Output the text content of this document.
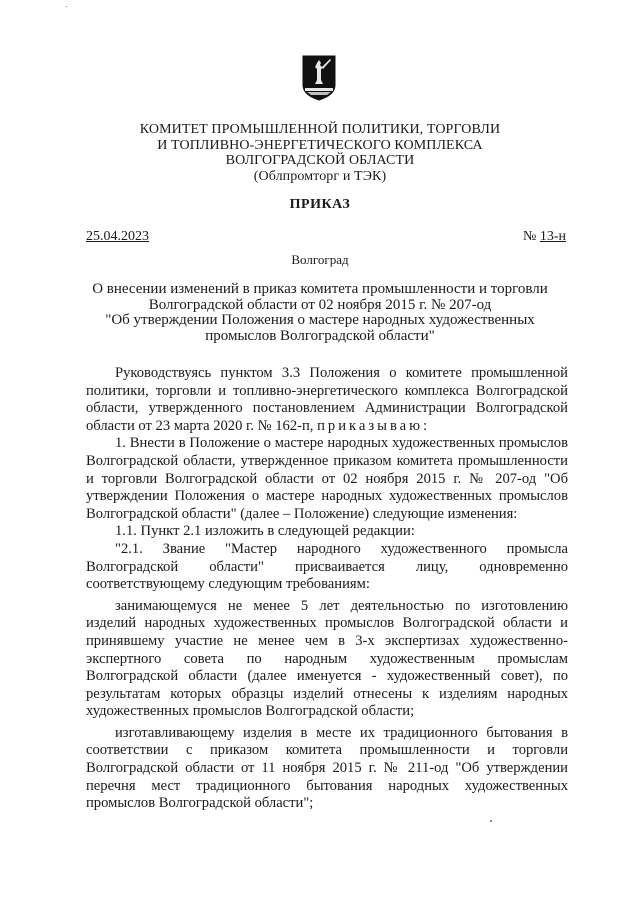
КОМИТЕТ ПРОМЫШЛЕННОЙ ПОЛИТИКИ, ТОРГОВЛИ
И ТОПЛИВНО-ЭНЕРГЕТИЧЕСКОГО КОМПЛЕКСА
ВОЛГОГРАДСКОЙ ОБЛАСТИ
(Облпромторг и ТЭК)
ПРИКАЗ
25.04.2023	№ 13-н
Волгоград
О внесении изменений в приказ комитета промышленности и торговли
Волгоградской области от 02 ноября 2015 г. № 207-од
"Об утверждении Положения о мастере народных художественных
промыслов Волгоградской области"

Руководствуясь пунктом 3.3 Положения о комитете промышленной политики, торговли и топливно-энергетического комплекса Волгоградской области, утвержденного постановлением Администрации Волгоградской области от 23 марта 2020 г. № 162-п, приказываю:

1. Внести в Положение о мастере народных художественных промыслов Волгоградской области, утвержденное приказом комитета промышленности и торговли Волгоградской области от 02 ноября 2015 г. № 207-од "Об утверждении Положения о мастере народных художественных промыслов Волгоградской области" (далее – Положение) следующие изменения:

1.1. Пункт 2.1 изложить в следующей редакции:

"2.1. Звание "Мастер народного художественного промысла Волгоградской области" присваивается лицу, одновременно соответствующему следующим требованиям:

занимающемуся не менее 5 лет деятельностью по изготовлению изделий народных художественных промыслов Волгоградской области и принявшему участие не менее чем в 3-х экспертизах художественно-экспертного совета по народным художественным промыслам Волгоградской области (далее именуется - художественный совет), по результатам которых образцы изделий отнесены к изделиям народных художественных промыслов Волгоградской области;

изготавливающему изделия в месте их традиционного бытования в соответствии с приказом комитета промышленности и торговли Волгоградской области от 11 ноября 2015 г. № 211-од "Об утверждении перечня мест традиционного бытования народных художественных промыслов Волгоградской области";
